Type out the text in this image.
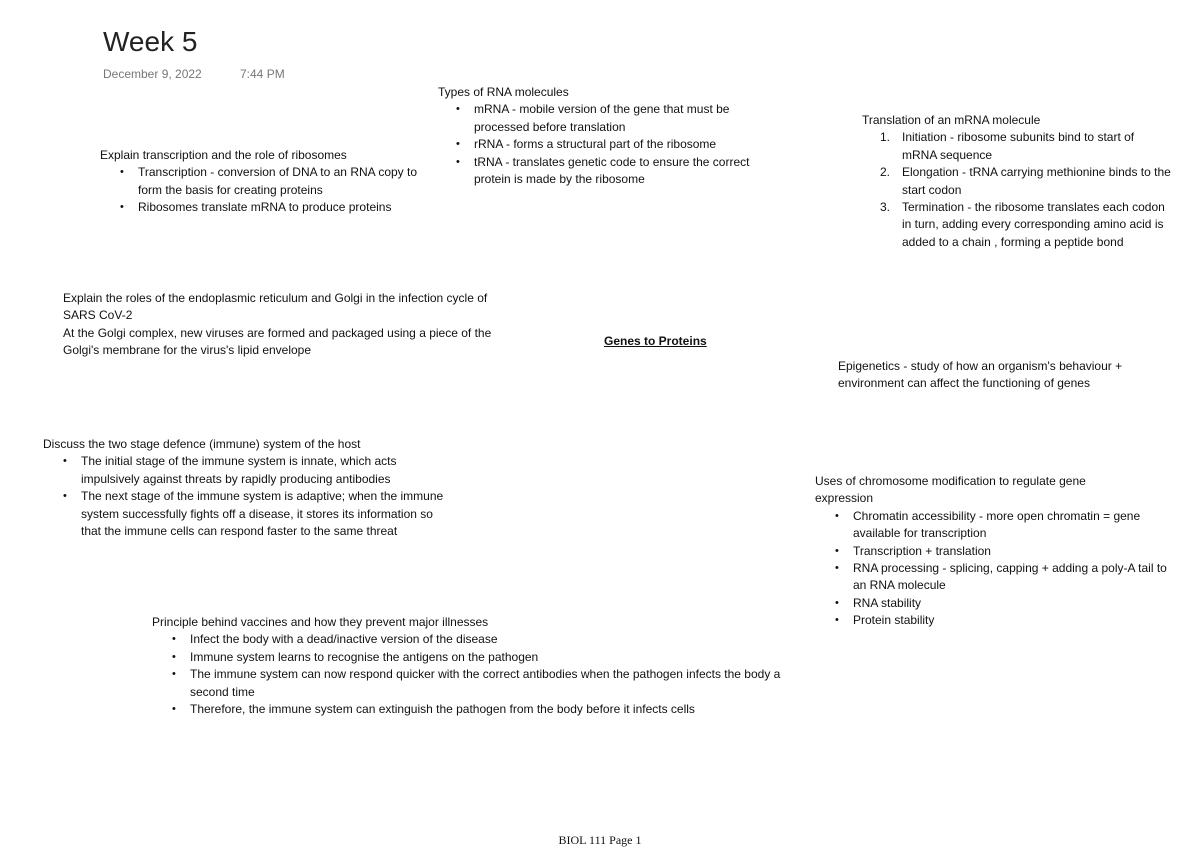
Week 5
December 9, 2022	7:44 PM

Types of RNA molecules

• mRNA - mobile version of the gene that must be processed before translation
• rRNA - forms a structural part of the ribosome
• tRNA - translates genetic code to ensure the correct protein is made by the ribosome

Translation of an mRNA molecule

1. Initiation - ribosome subunits bind to start of mRNA sequence
2. Elongation - tRNA carrying methionine binds to the start codon
3. Termination - the ribosome translates each codon in turn, adding every corresponding amino acid is added to a chain , forming a peptide bond

Explain transcription and the role of ribosomes

• Transcription - conversion of DNA to an RNA copy to form the basis for creating proteins
• Ribosomes translate mRNA to produce proteins

Explain the roles of the endoplasmic reticulum and Golgi in the infection cycle of SARS CoV-2

At the Golgi complex, new viruses are formed and packaged using a piece of the Golgi's membrane for the virus's lipid envelope

Genes to Proteins

Epigenetics - study of how an organism's behaviour + environment can affect the functioning of genes

Discuss the two stage defence (immune) system of the host

• The initial stage of the immune system is innate, which acts impulsively against threats by rapidly producing antibodies
• The next stage of the immune system is adaptive; when the immune system successfully fights off a disease, it stores its information so that the immune cells can respond faster to the same threat

Uses of chromosome modification to regulate gene expression

• Chromatin accessibility - more open chromatin = gene available for transcription
• Transcription + translation
• RNA processing - splicing, capping + adding a poly-A tail to an RNA molecule
• RNA stability
• Protein stability

Principle behind vaccines and how they prevent major illnesses

• Infect the body with a dead/inactive version of the disease
• Immune system learns to recognise the antigens on the pathogen
• The immune system can now respond quicker with the correct antibodies when the pathogen infects the body a second time
• Therefore, the immune system can extinguish the pathogen from the body before it infects cells
BIOL 111 Page 1
